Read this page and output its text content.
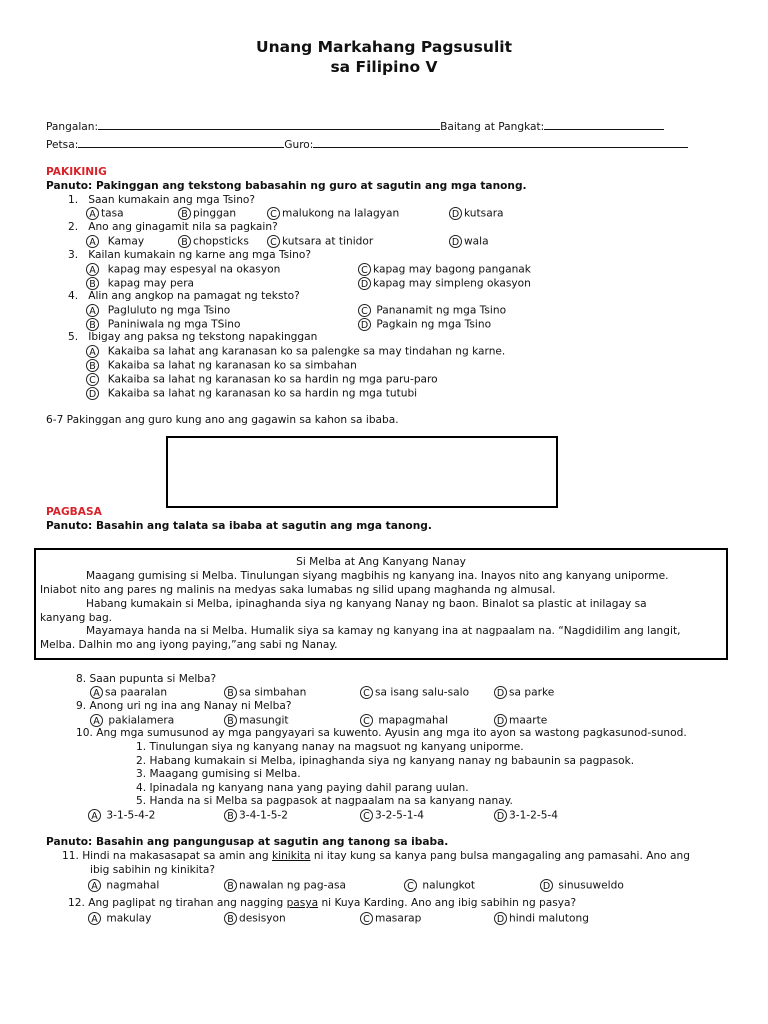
Unang Markahang Pagsusulit
sa Filipino V
Pangalan:	Baitang at Pangkat:
Petsa:	Guro:
PAKIKINIG
Panuto: Pakinggan ang tekstong babasahin ng guro at sagutin ang mga tanong.
1. Saan kumakain ang mga Tsino?
A tasa	B pinggan	C malukong na lalagyan	D kutsara
2. Ano ang ginagamit nila sa pagkain?
A Kamay	B chopsticks	C kutsara at tinidor	D wala
3. Kailan kumakain ng karne ang mga Tsino?
A kapag may espesyal na okasyon	C kapag may bagong panganak
B kapag may pera	D kapag may simpleng okasyon
4. Alin ang angkop na pamagat ng teksto?
A Pagluluto ng mga Tsino	C Pananamit ng mga Tsino
B Paniniwala ng mga TSino	D Pagkain ng mga Tsino
5. Ibigay ang paksa ng tekstong napakinggan
A Kakaiba sa lahat ang karanasan ko sa palengke sa may tindahan ng karne.
B Kakaiba sa lahat ng karanasan ko sa simbahan
C Kakaiba sa lahat ng karanasan ko sa hardin ng mga paru-paro
D Kakaiba sa lahat ng karanasan ko sa hardin ng mga tutubi
6-7 Pakinggan ang guro kung ano ang gagawin sa kahon sa ibaba.
PAGBASA
Panuto: Basahin ang talata sa ibaba at sagutin ang mga tanong.
Si Melba at Ang Kanyang Nanay
Maagang gumising si Melba. Tinulungan siyang magbihis ng kanyang ina. Inayos nito ang kanyang uniporme.
Iniabot nito ang pares ng malinis na medyas saka lumabas ng silid upang maghanda ng almusal.
Habang kumakain si Melba, ipinaghanda siya ng kanyang Nanay ng baon. Binalot sa plastic at inilagay sa
kanyang bag.
Mayamaya handa na si Melba. Humalik siya sa kamay ng kanyang ina at nagpaalam na. “Nagdidilim ang langit,
Melba. Dalhin mo ang iyong paying,”ang sabi ng Nanay.
8. Saan pupunta si Melba?
A sa paaralan	B sa simbahan	C sa isang salu-salo	D sa parke
9. Anong uri ng ina ang Nanay ni Melba?
A pakialamera	B masungit	C mapagmahal	D maarte
10. Ang mga sumusunod ay mga pangyayari sa kuwento. Ayusin ang mga ito ayon sa wastong pagkasunod-sunod.
1. Tinulungan siya ng kanyang nanay na magsuot ng kanyang uniporme.
2. Habang kumakain si Melba, ipinaghanda siya ng kanyang nanay ng babaunin sa pagpasok.
3. Maagang gumising si Melba.
4. Ipinadala ng kanyang nana yang paying dahil parang uulan.
5. Handa na si Melba sa pagpasok at nagpaalam na sa kanyang nanay.
A 3-1-5-4-2	B 3-4-1-5-2	C 3-2-5-1-4	D 3-1-2-5-4
Panuto: Basahin ang pangungusap at sagutin ang tanong sa ibaba.
11. Hindi na makasasapat sa amin ang kinikita ni itay kung sa kanya pang bulsa mangagaling ang pamasahi. Ano ang
ibig sabihin ng kinikita?
A nagmahal	B nawalan ng pag-asa	C nalungkot	D sinusuweldo
12. Ang paglipat ng tirahan ang nagging pasya ni Kuya Karding. Ano ang ibig sabihin ng pasya?
A makulay	B desisyon	C masarap	D hindi malutong
